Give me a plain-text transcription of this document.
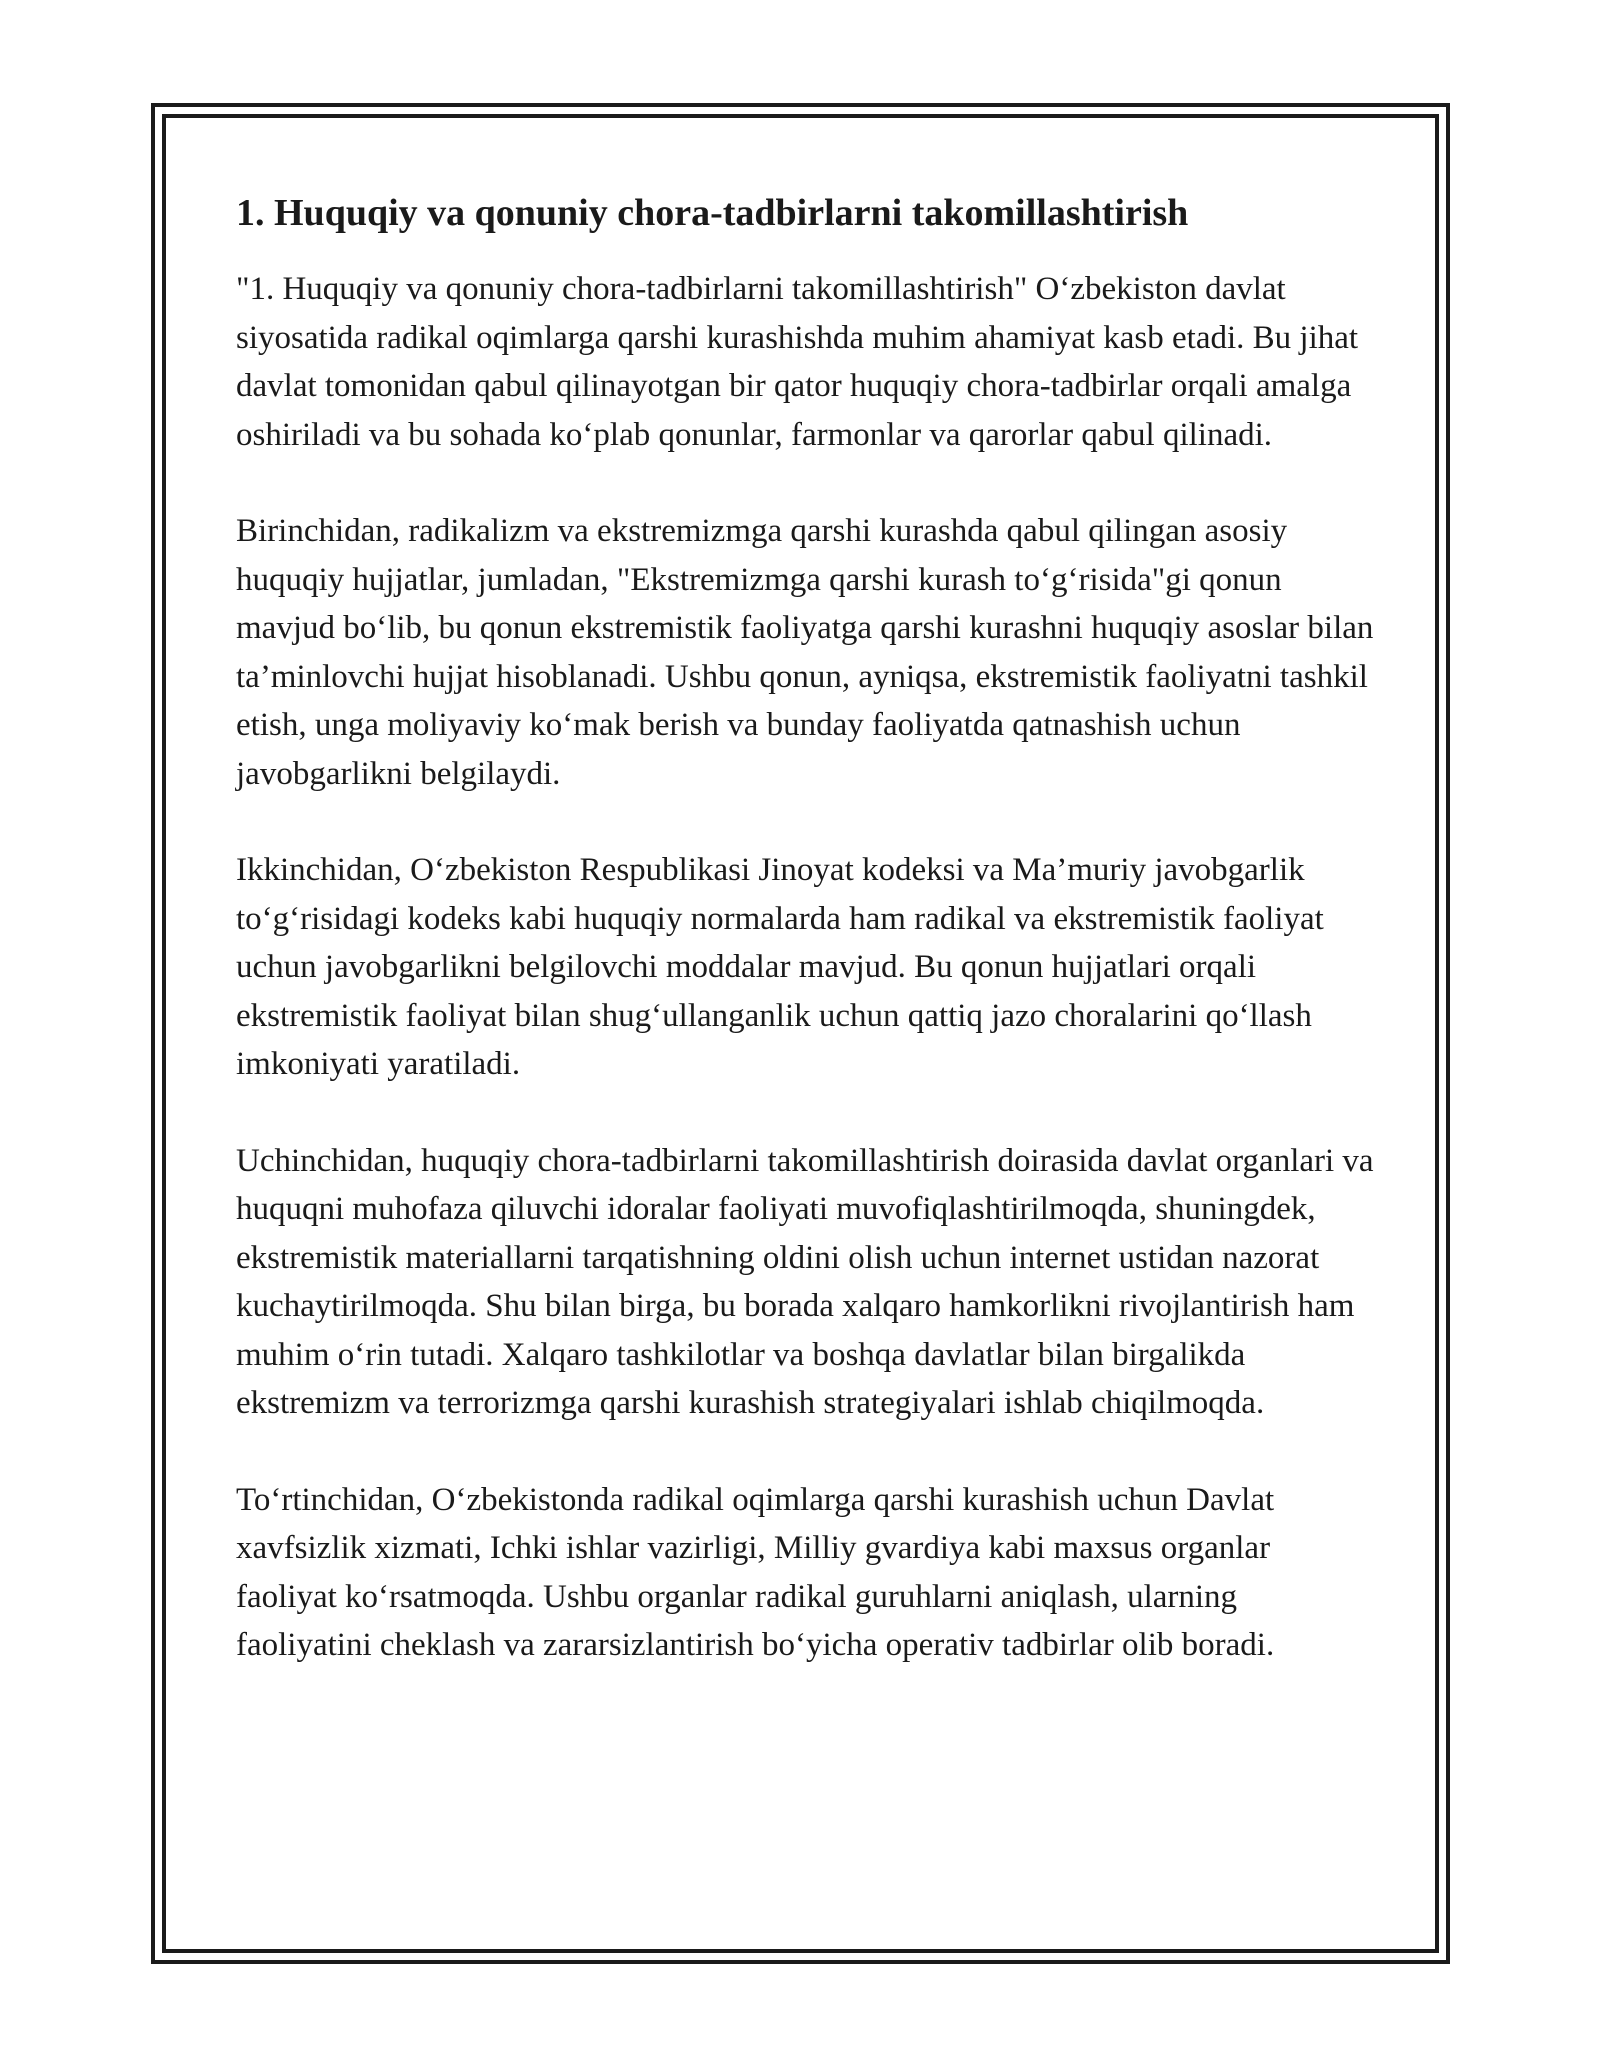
1. Huquqiy va qonuniy chora-tadbirlarni takomillashtirish

"1. Huquqiy va qonuniy chora-tadbirlarni takomillashtirish" O‘zbekiston davlat siyosatida radikal oqimlarga qarshi kurashishda muhim ahamiyat kasb etadi. Bu jihat davlat tomonidan qabul qilinayotgan bir qator huquqiy chora-tadbirlar orqali amalga oshiriladi va bu sohada ko‘plab qonunlar, farmonlar va qarorlar qabul qilinadi.

Birinchidan, radikalizm va ekstremizmga qarshi kurashda qabul qilingan asosiy huquqiy hujjatlar, jumladan, "Ekstremizmga qarshi kurash to‘g‘risida"gi qonun mavjud bo‘lib, bu qonun ekstremistik faoliyatga qarshi kurashni huquqiy asoslar bilan ta’minlovchi hujjat hisoblanadi. Ushbu qonun, ayniqsa, ekstremistik faoliyatni tashkil etish, unga moliyaviy ko‘mak berish va bunday faoliyatda qatnashish uchun javobgarlikni belgilaydi.

Ikkinchidan, O‘zbekiston Respublikasi Jinoyat kodeksi va Ma’muriy javobgarlik to‘g‘risidagi kodeks kabi huquqiy normalarda ham radikal va ekstremistik faoliyat uchun javobgarlikni belgilovchi moddalar mavjud. Bu qonun hujjatlari orqali ekstremistik faoliyat bilan shug‘ullanganlik uchun qattiq jazo choralarini qo‘llash imkoniyati yaratiladi.

Uchinchidan, huquqiy chora-tadbirlarni takomillashtirish doirasida davlat organlari va huquqni muhofaza qiluvchi idoralar faoliyati muvofiqlashtirilmoqda, shuningdek, ekstremistik materiallarni tarqatishning oldini olish uchun internet ustidan nazorat kuchaytirilmoqda. Shu bilan birga, bu borada xalqaro hamkorlikni rivojlantirish ham muhim o‘rin tutadi. Xalqaro tashkilotlar va boshqa davlatlar bilan birgalikda ekstremizm va terrorizmga qarshi kurashish strategiyalari ishlab chiqilmoqda.

To‘rtinchidan, O‘zbekistonda radikal oqimlarga qarshi kurashish uchun Davlat xavfsizlik xizmati, Ichki ishlar vazirligi, Milliy gvardiya kabi maxsus organlar faoliyat ko‘rsatmoqda. Ushbu organlar radikal guruhlarni aniqlash, ularning faoliyatini cheklash va zararsizlantirish bo‘yicha operativ tadbirlar olib boradi.
